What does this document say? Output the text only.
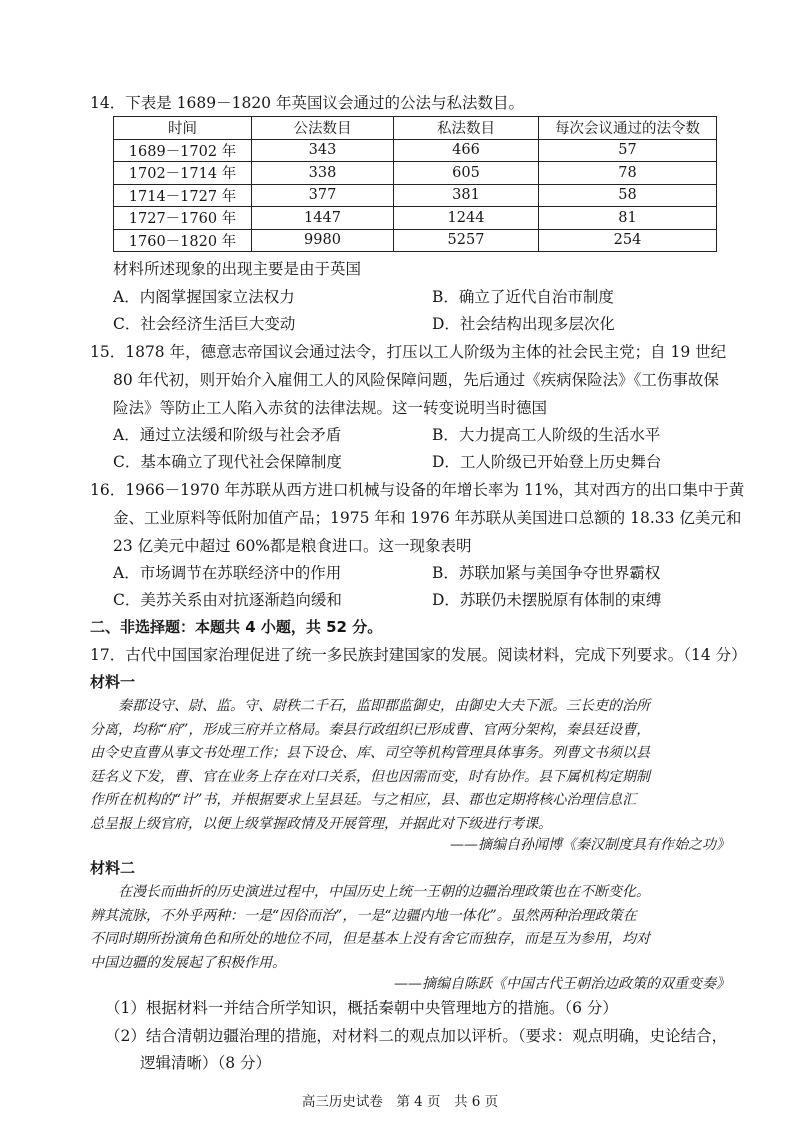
14．下表是 1689－1820 年英国议会通过的公法与私法数目。
时间	公法数目	私法数目	每次会议通过的法令数
1689－1702 年	343	466	57
1702－1714 年	338	605	78
1714－1727 年	377	381	58
1727－1760 年	1447	1244	81
1760－1820 年	9980	5257	254
材料所述现象的出现主要是由于英国
A．内阁掌握国家立法权力	B．确立了近代自治市制度
C．社会经济生活巨大变动	D．社会结构出现多层次化
15．1878 年，德意志帝国议会通过法令，打压以工人阶级为主体的社会民主党；自 19 世纪
80 年代初，则开始介入雇佣工人的风险保障问题，先后通过《疾病保险法》《工伤事故保
险法》等防止工人陷入赤贫的法律法规。这一转变说明当时德国
A．通过立法缓和阶级与社会矛盾	B．大力提高工人阶级的生活水平
C．基本确立了现代社会保障制度	D．工人阶级已开始登上历史舞台
16．1966－1970 年苏联从西方进口机械与设备的年增长率为 11%，其对西方的出口集中于黄
金、工业原料等低附加值产品；1975 年和 1976 年苏联从美国进口总额的 18.33 亿美元和
23 亿美元中超过 60%都是粮食进口。这一现象表明
A．市场调节在苏联经济中的作用	B．苏联加紧与美国争夺世界霸权
C．美苏关系由对抗逐渐趋向缓和	D．苏联仍未摆脱原有体制的束缚
二、非选择题：本题共 4 小题，共 52 分。
17．古代中国国家治理促进了统一多民族封建国家的发展。阅读材料，完成下列要求。（14 分）
材料一
　　秦郡设守、尉、监。守、尉秩二千石，监即郡监御史，由御史大夫下派。三长吏的治所
分离，均称“府”，形成三府并立格局。秦县行政组织已形成曹、官两分架构，秦县廷设曹，
由令史直曹从事文书处理工作；县下设仓、库、司空等机构管理具体事务。列曹文书须以县
廷名义下发，曹、官在业务上存在对口关系，但也因需而变，时有协作。县下属机构定期制
作所在机构的“计”书，并根据要求上呈县廷。与之相应，县、郡也定期将核心治理信息汇
总呈报上级官府，以便上级掌握政情及开展管理，并据此对下级进行考课。
——摘编自孙闻博《秦汉制度具有作始之功》
材料二
　　在漫长而曲折的历史演进过程中，中国历史上统一王朝的边疆治理政策也在不断变化。
辨其流脉，不外乎两种：一是“因俗而治”，一是“边疆内地一体化”。虽然两种治理政策在
不同时期所扮演角色和所处的地位不同，但是基本上没有舍它而独存，而是互为参用，均对
中国边疆的发展起了积极作用。
——摘编自陈跃《中国古代王朝治边政策的双重变奏》
（1）根据材料一并结合所学知识，概括秦朝中央管理地方的措施。（6 分）
（2）结合清朝边疆治理的措施，对材料二的观点加以评析。（要求：观点明确，史论结合，
逻辑清晰）（8 分）
高三历史试卷　第 4 页　共 6 页
